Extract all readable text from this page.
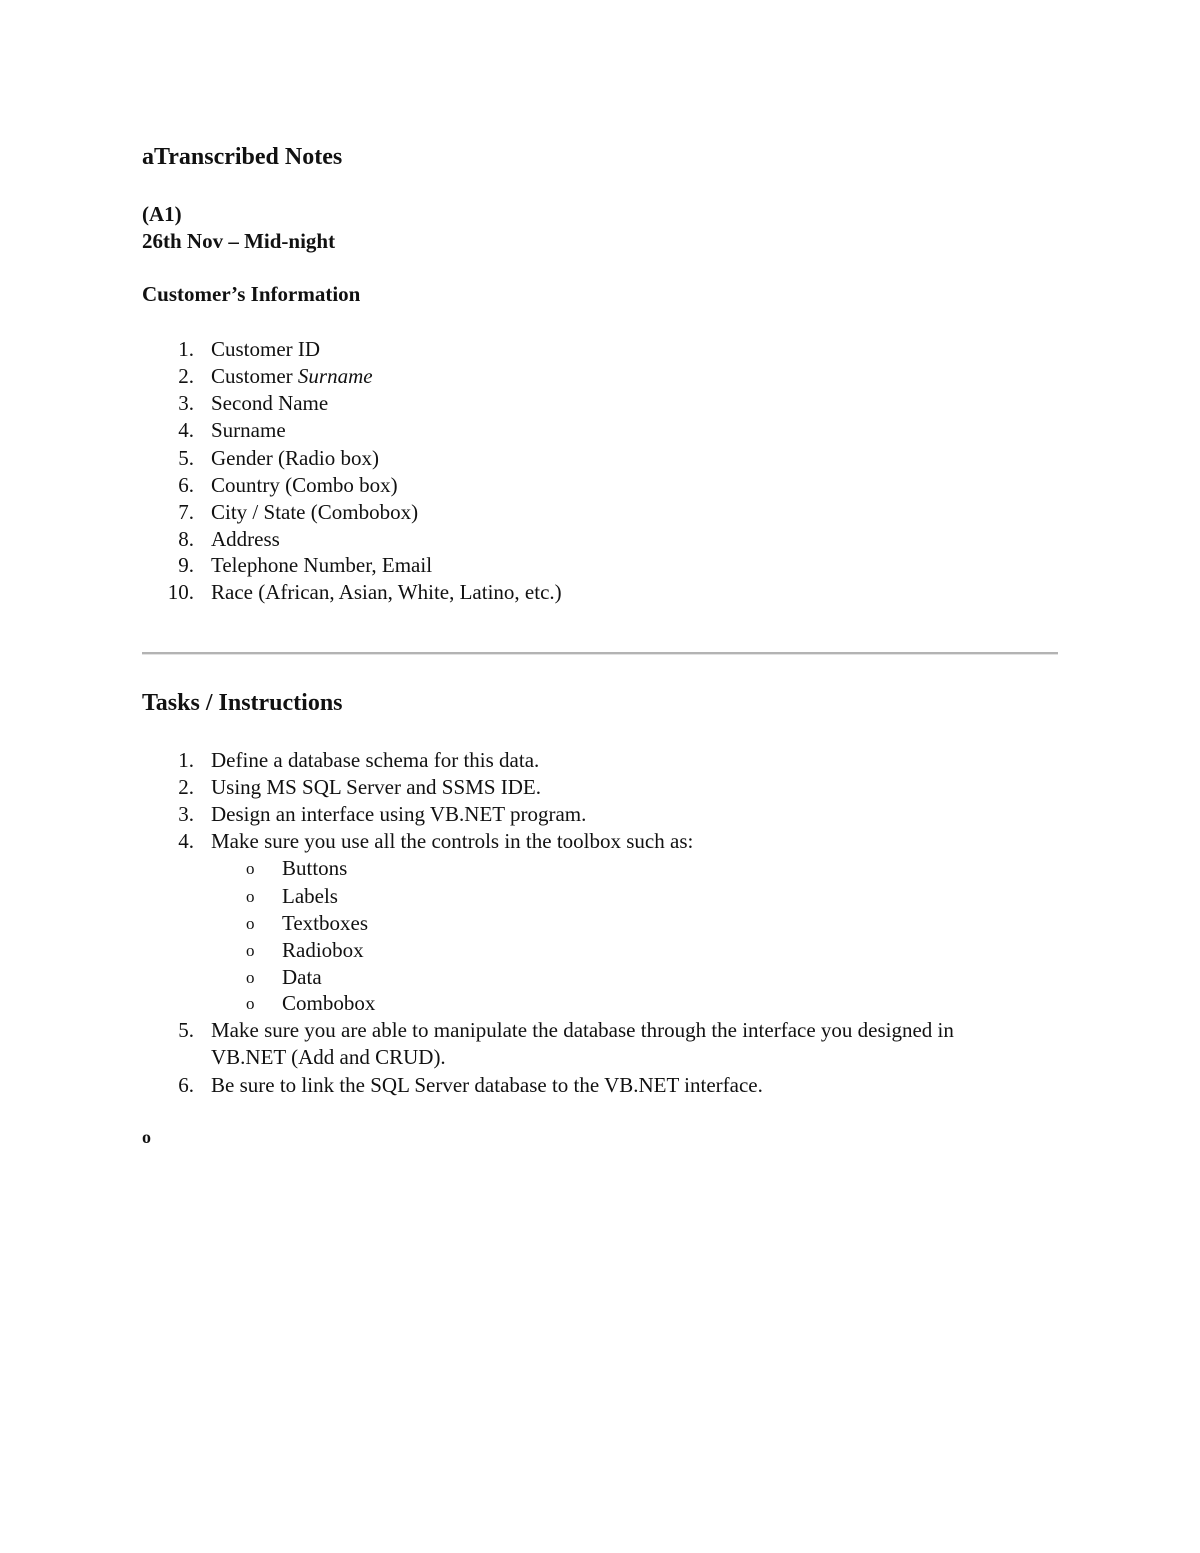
aTranscribed Notes
(A1)
26th Nov – Mid-night
Customer’s Information
1. Customer ID
2. Customer Surname
3. Second Name
4. Surname
5. Gender (Radio box)
6. Country (Combo box)
7. City / State (Combobox)
8. Address
9. Telephone Number, Email
10. Race (African, Asian, White, Latino, etc.)
Tasks / Instructions
1. Define a database schema for this data.
2. Using MS SQL Server and SSMS IDE.
3. Design an interface using VB.NET program.
4. Make sure you use all the controls in the toolbox such as:
o Buttons
o Labels
o Textboxes
o Radiobox
o Data
o Combobox
5. Make sure you are able to manipulate the database through the interface you designed in
VB.NET (Add and CRUD).
6. Be sure to link the SQL Server database to the VB.NET interface.
o
